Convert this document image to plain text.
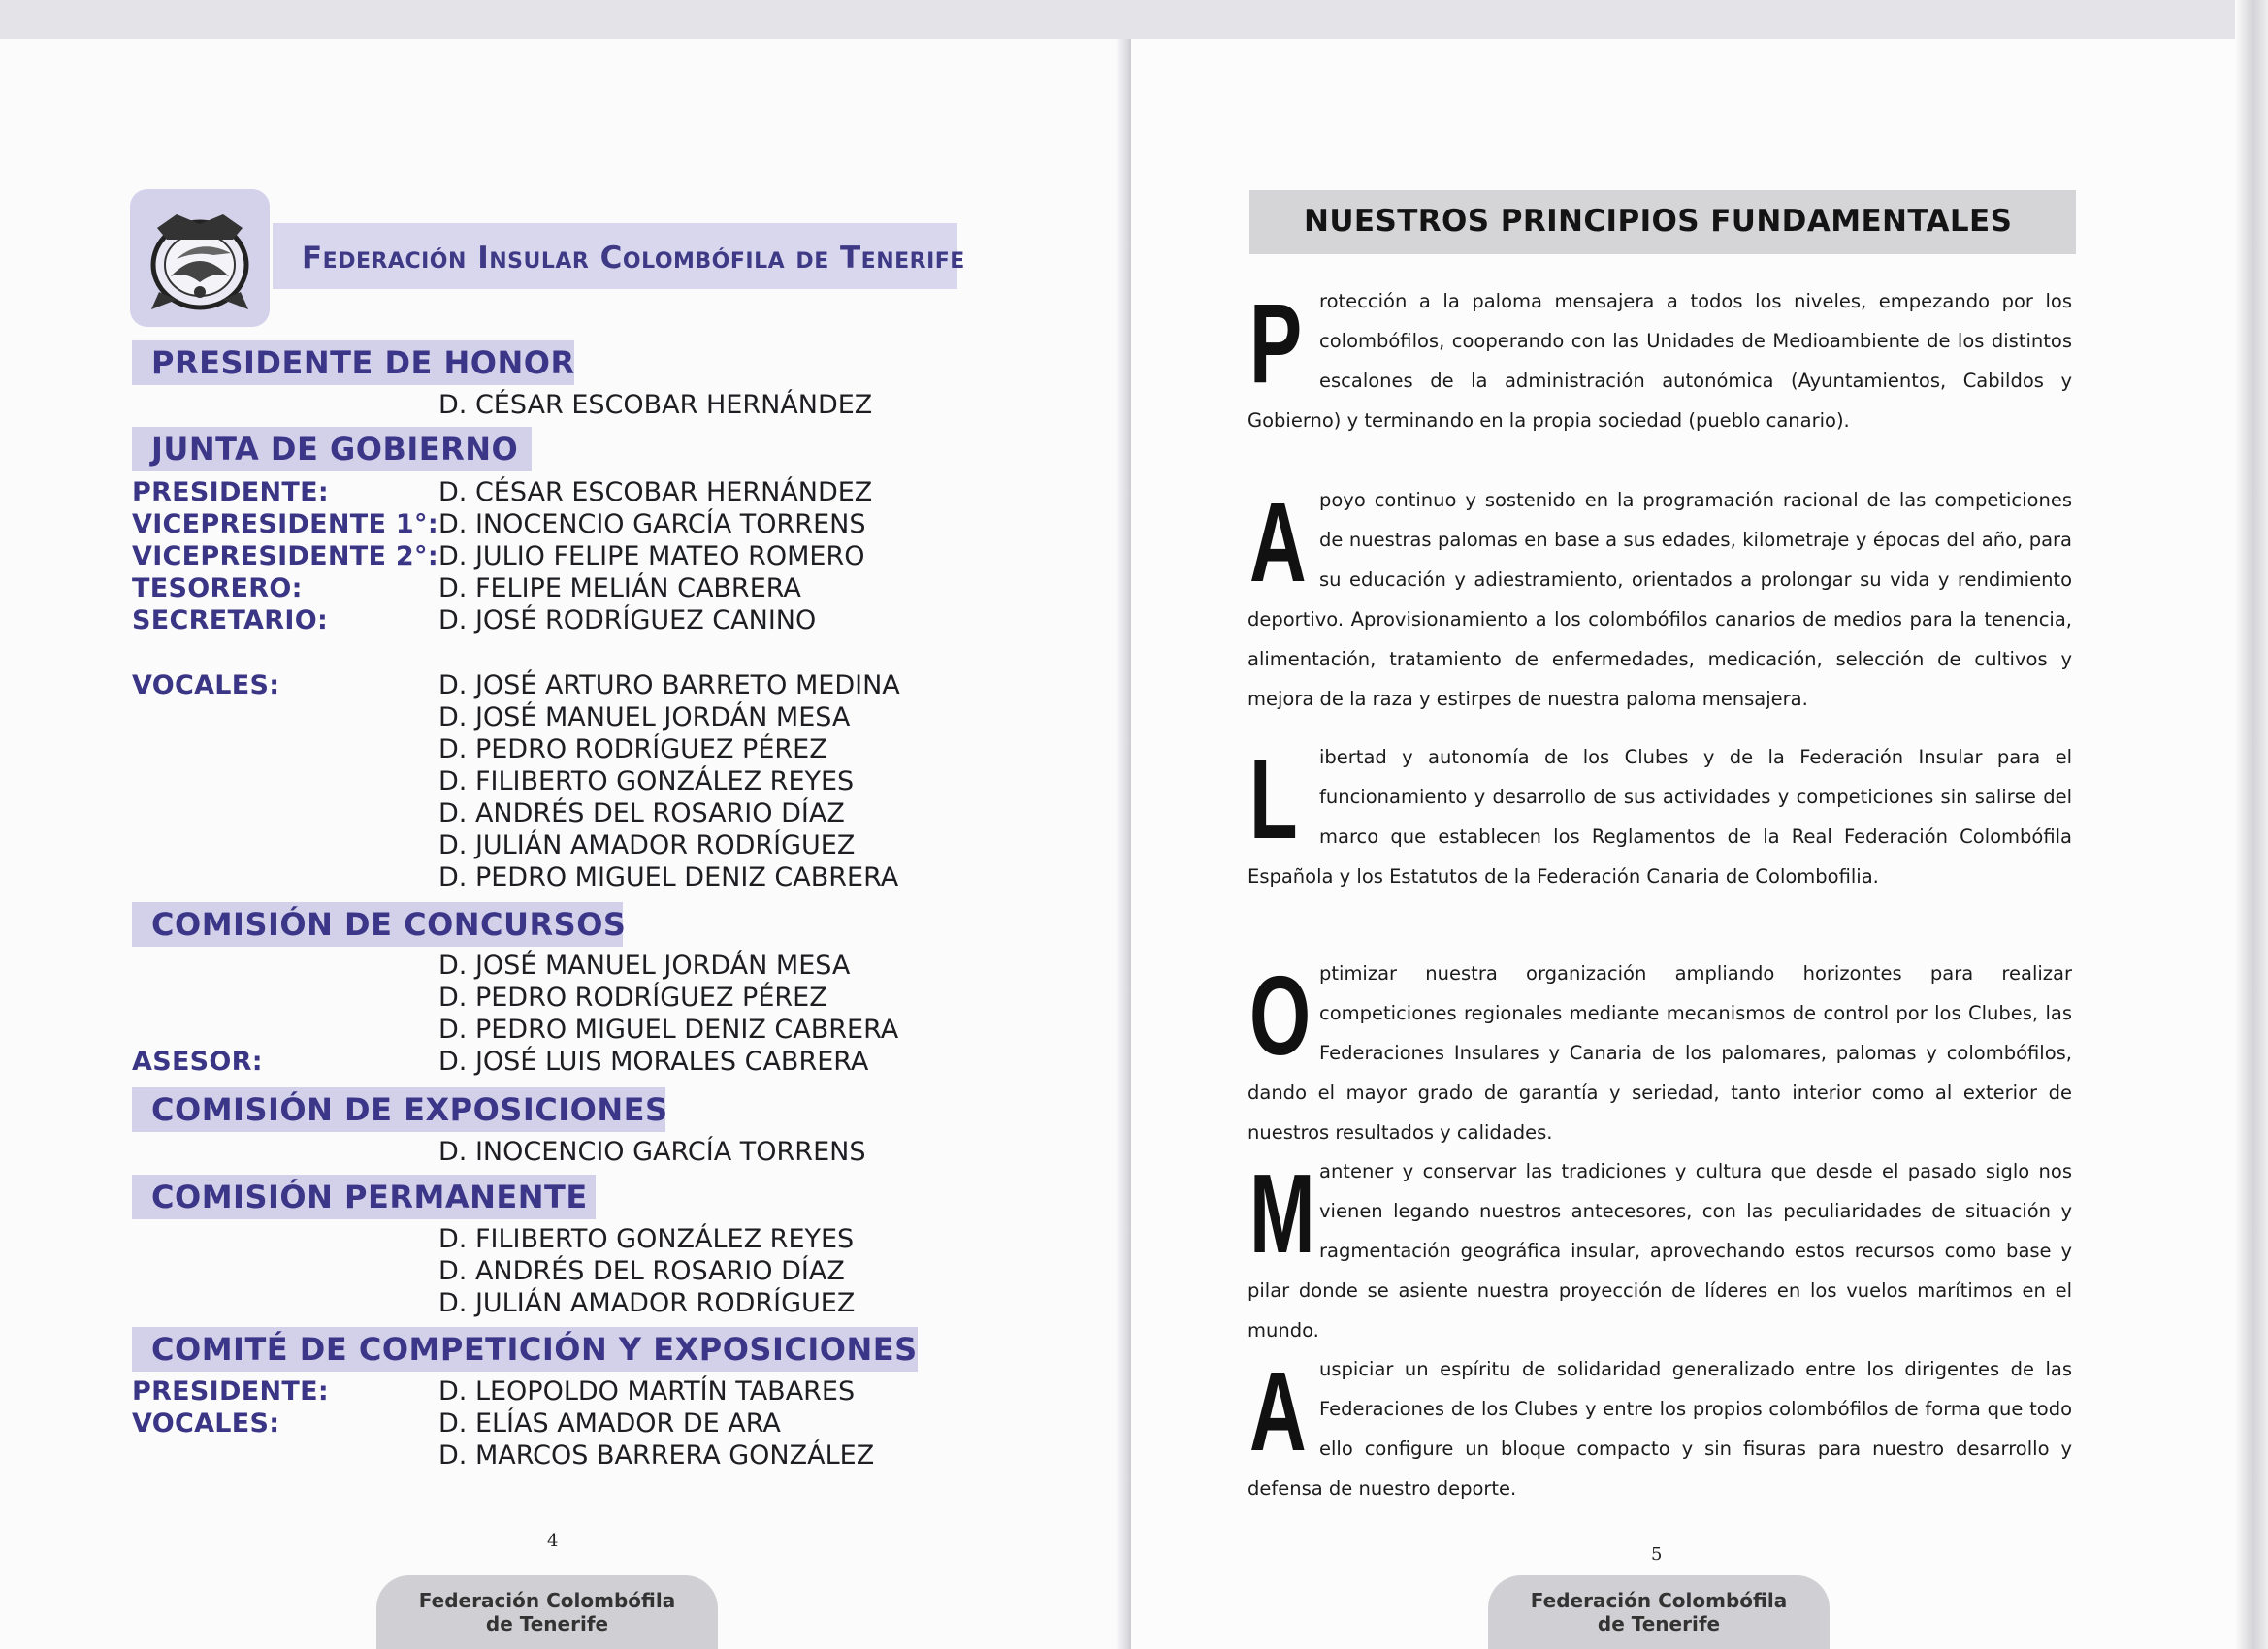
Federación Insular Colombófila de Tenerife
PRESIDENTE DE HONOR
D. CÉSAR ESCOBAR HERNÁNDEZ
JUNTA DE GOBIERNO
PRESIDENTE:	D. CÉSAR ESCOBAR HERNÁNDEZ
VICEPRESIDENTE 1°: D. INOCENCIO GARCÍA TORRENS
VICEPRESIDENTE 2°: D. JULIO FELIPE MATEO ROMERO
TESORERO:	D. FELIPE MELIÁN CABRERA
SECRETARIO:	D. JOSÉ RODRÍGUEZ CANINO
VOCALES:	D. JOSÉ ARTURO BARRETO MEDINA
D. JOSÉ MANUEL JORDÁN MESA
D. PEDRO RODRÍGUEZ PÉREZ
D. FILIBERTO GONZÁLEZ REYES
D. ANDRÉS DEL ROSARIO DÍAZ
D. JULIÁN AMADOR RODRÍGUEZ
D. PEDRO MIGUEL DENIZ CABRERA
COMISIÓN DE CONCURSOS
D. JOSÉ MANUEL JORDÁN MESA
D. PEDRO RODRÍGUEZ PÉREZ
D. PEDRO MIGUEL DENIZ CABRERA
ASESOR:	D. JOSÉ LUIS MORALES CABRERA
COMISIÓN DE EXPOSICIONES
D. INOCENCIO GARCÍA TORRENS
COMISIÓN PERMANENTE
D. FILIBERTO GONZÁLEZ REYES
D. ANDRÉS DEL ROSARIO DÍAZ
D. JULIÁN AMADOR RODRÍGUEZ
COMITÉ DE COMPETICIÓN Y EXPOSICIONES
PRESIDENTE:	D. LEOPOLDO MARTÍN TABARES
VOCALES:	D. ELÍAS AMADOR DE ARA
D. MARCOS BARRERA GONZÁLEZ
4
Federación Colombófila
de Tenerife
NUESTROS PRINCIPIOS FUNDAMENTALES
Protección a la paloma mensajera a todos los niveles, empezando por los colombófilos, cooperando con las Unidades de Medioambiente de los distintos escalones de la administración autonómica (Ayuntamientos, Cabildos y Gobierno) y terminando en la propia sociedad (pueblo canario).
Apoyo continuo y sostenido en la programación racional de las competiciones de nuestras palomas en base a sus edades, kilometraje y épocas del año, para su educación y adiestramiento, orientados a prolongar su vida y rendimiento deportivo. Aprovisionamiento a los colombófilos canarios de medios para la tenencia, alimentación, tratamiento de enfermedades, medicación, selección de cultivos y mejora de la raza y estirpes de nuestra paloma mensajera.
L ibertad y autonomía de los Clubes y de la Federación Insular para el funcionamiento y desarrollo de sus actividades y competiciones sin salirse del marco que establecen los Reglamentos de la Real Federación Colombófila Española y los Estatutos de la Federación Canaria de Colombofilia.
Optimizar nuestra organización ampliando horizontes para realizar competiciones regionales mediante mecanismos de control por los Clubes, las Federaciones Insulares y Canaria de los palomares, palomas y colombófilos, dando el mayor grado de garantía y seriedad, tanto interior como al exterior de nuestros resultados y calidades.
Mantener y conservar las tradiciones y cultura que desde el pasado siglo nos vienen legando nuestros antecesores, con las peculiaridades de situación y ragmentación geográfica insular, aprovechando estos recursos como base y pilar donde se asiente nuestra proyección de líderes en los vuelos marítimos en el mundo.
Auspiciar un espíritu de solidaridad generalizado entre los dirigentes de las Federaciones de los Clubes y entre los propios colombófilos de forma que todo ello configure un bloque compacto y sin fisuras para nuestro desarrollo y defensa de nuestro deporte.
5
Federación Colombófila
de Tenerife
